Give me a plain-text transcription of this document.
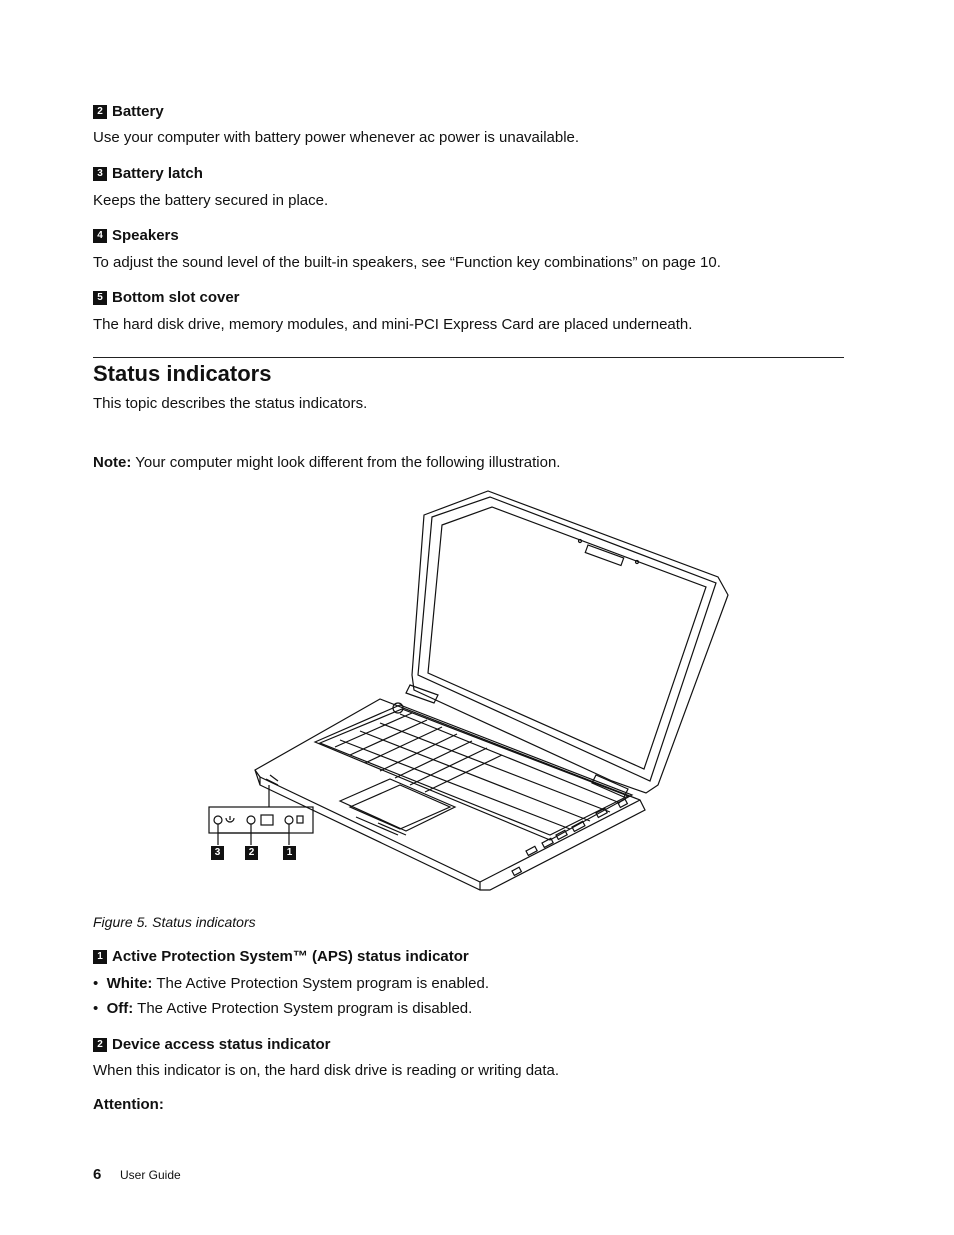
2 Battery
Use your computer with battery power whenever ac power is unavailable.
3 Battery latch
Keeps the battery secured in place.
4 Speakers
To adjust the sound level of the built-in speakers, see “Function key combinations” on page 10.
5 Bottom slot cover
The hard disk drive, memory modules, and mini-PCI Express Card are placed underneath.
Status indicators
This topic describes the status indicators.
Note: Your computer might look different from the following illustration.
3	2	1
Figure 5. Status indicators
1 Active Protection System™ (APS) status indicator
•  White: The Active Protection System program is enabled.
•  Off: The Active Protection System program is disabled.
2 Device access status indicator
When this indicator is on, the hard disk drive is reading or writing data.
Attention:
6 User Guide
